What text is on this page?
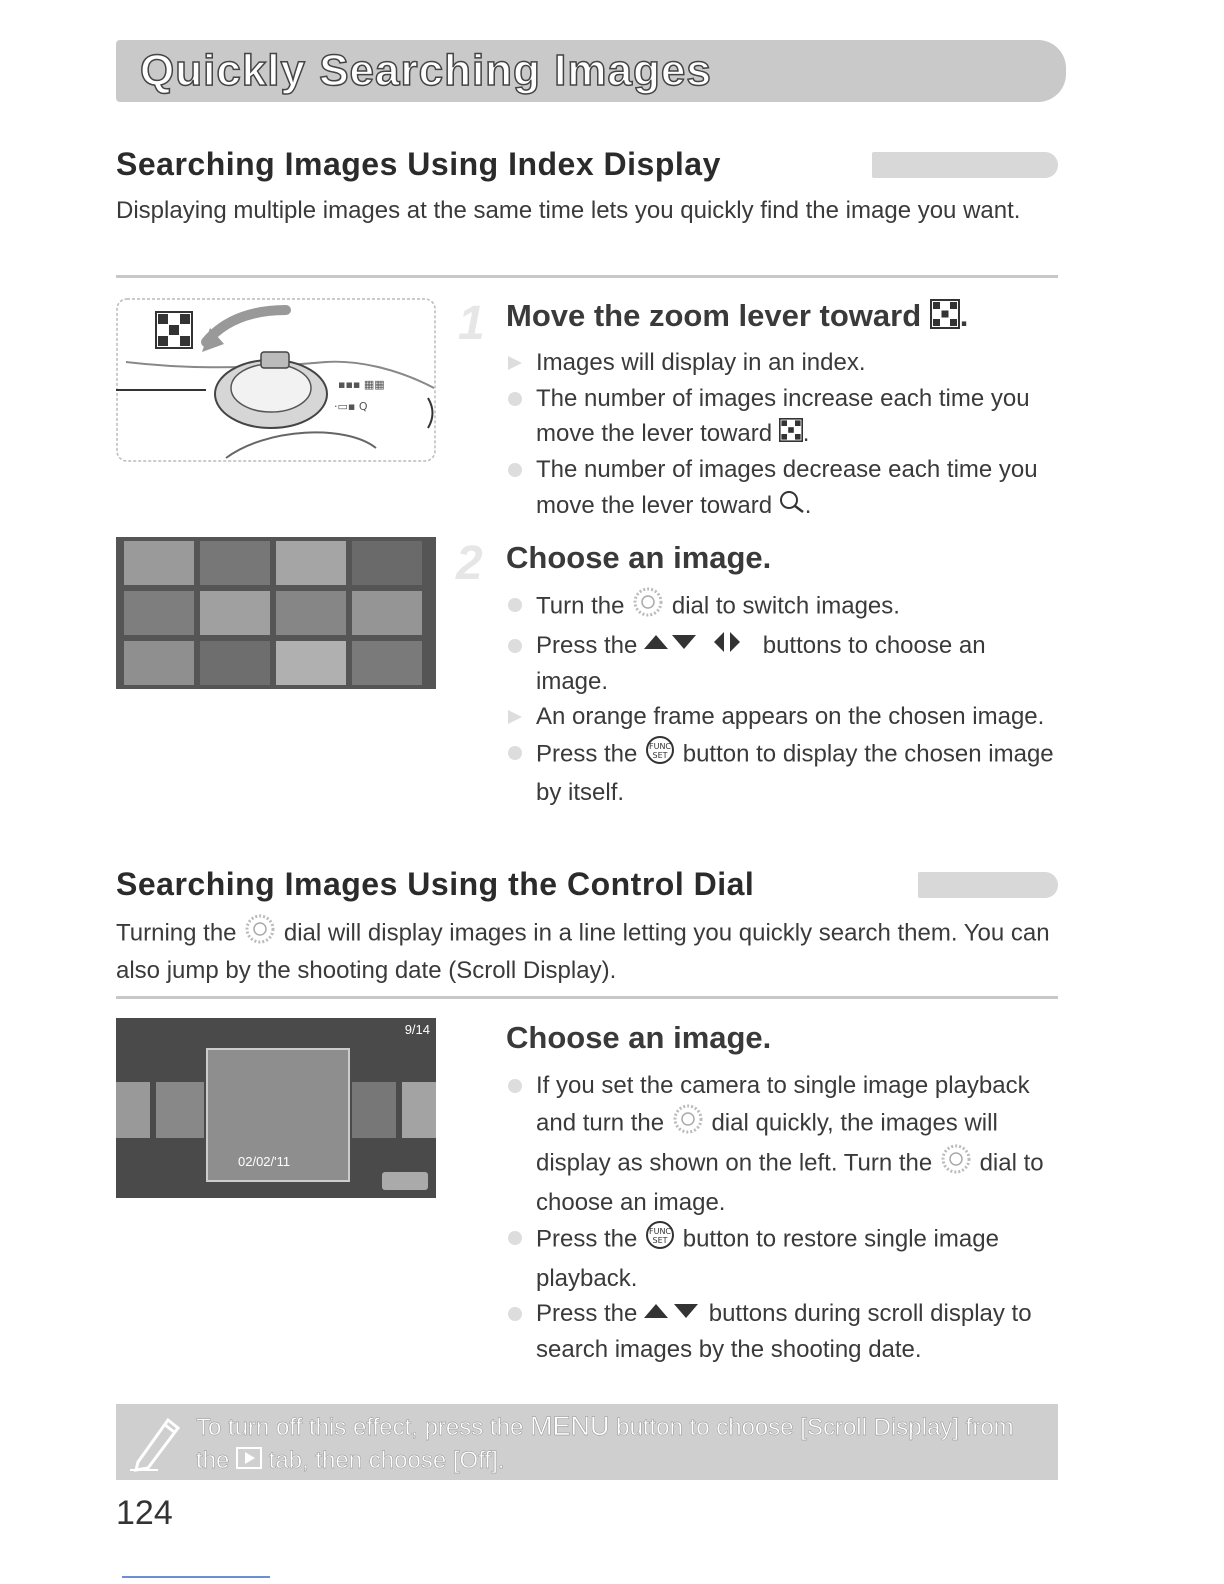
Quickly Searching Images
Searching Images Using Index Display
Displaying multiple images at the same time lets you quickly find the image you want.
▪▪▪ ▦▦
·▭▪ Q
1 Move the zoom lever toward .
Images will display in an index.
The number of images increase each time you move the lever toward .
The number of images decrease each time you move the lever toward .
2 Choose an image.
Turn the dial to switch images.
Press the	buttons to choose an image.
An orange frame appears on the chosen image.
Press the FUNC
SET button to display the chosen image by itself.
Searching Images Using the Control Dial
Turning the dial will display images in a line letting you quickly search them. You can also jump by the shooting date (Scroll Display).
9/14
02/02/'11
Choose an image.
If you set the camera to single image playback and turn the dial quickly, the images will display as shown on the left. Turn the dial to choose an image.
Press the FUNC
SET button to restore single image playback.
Press the	buttons during scroll display to search images by the shooting date.
To turn off this effect, press the MENU button to choose [Scroll Display] from the tab, then choose [Off].
124
